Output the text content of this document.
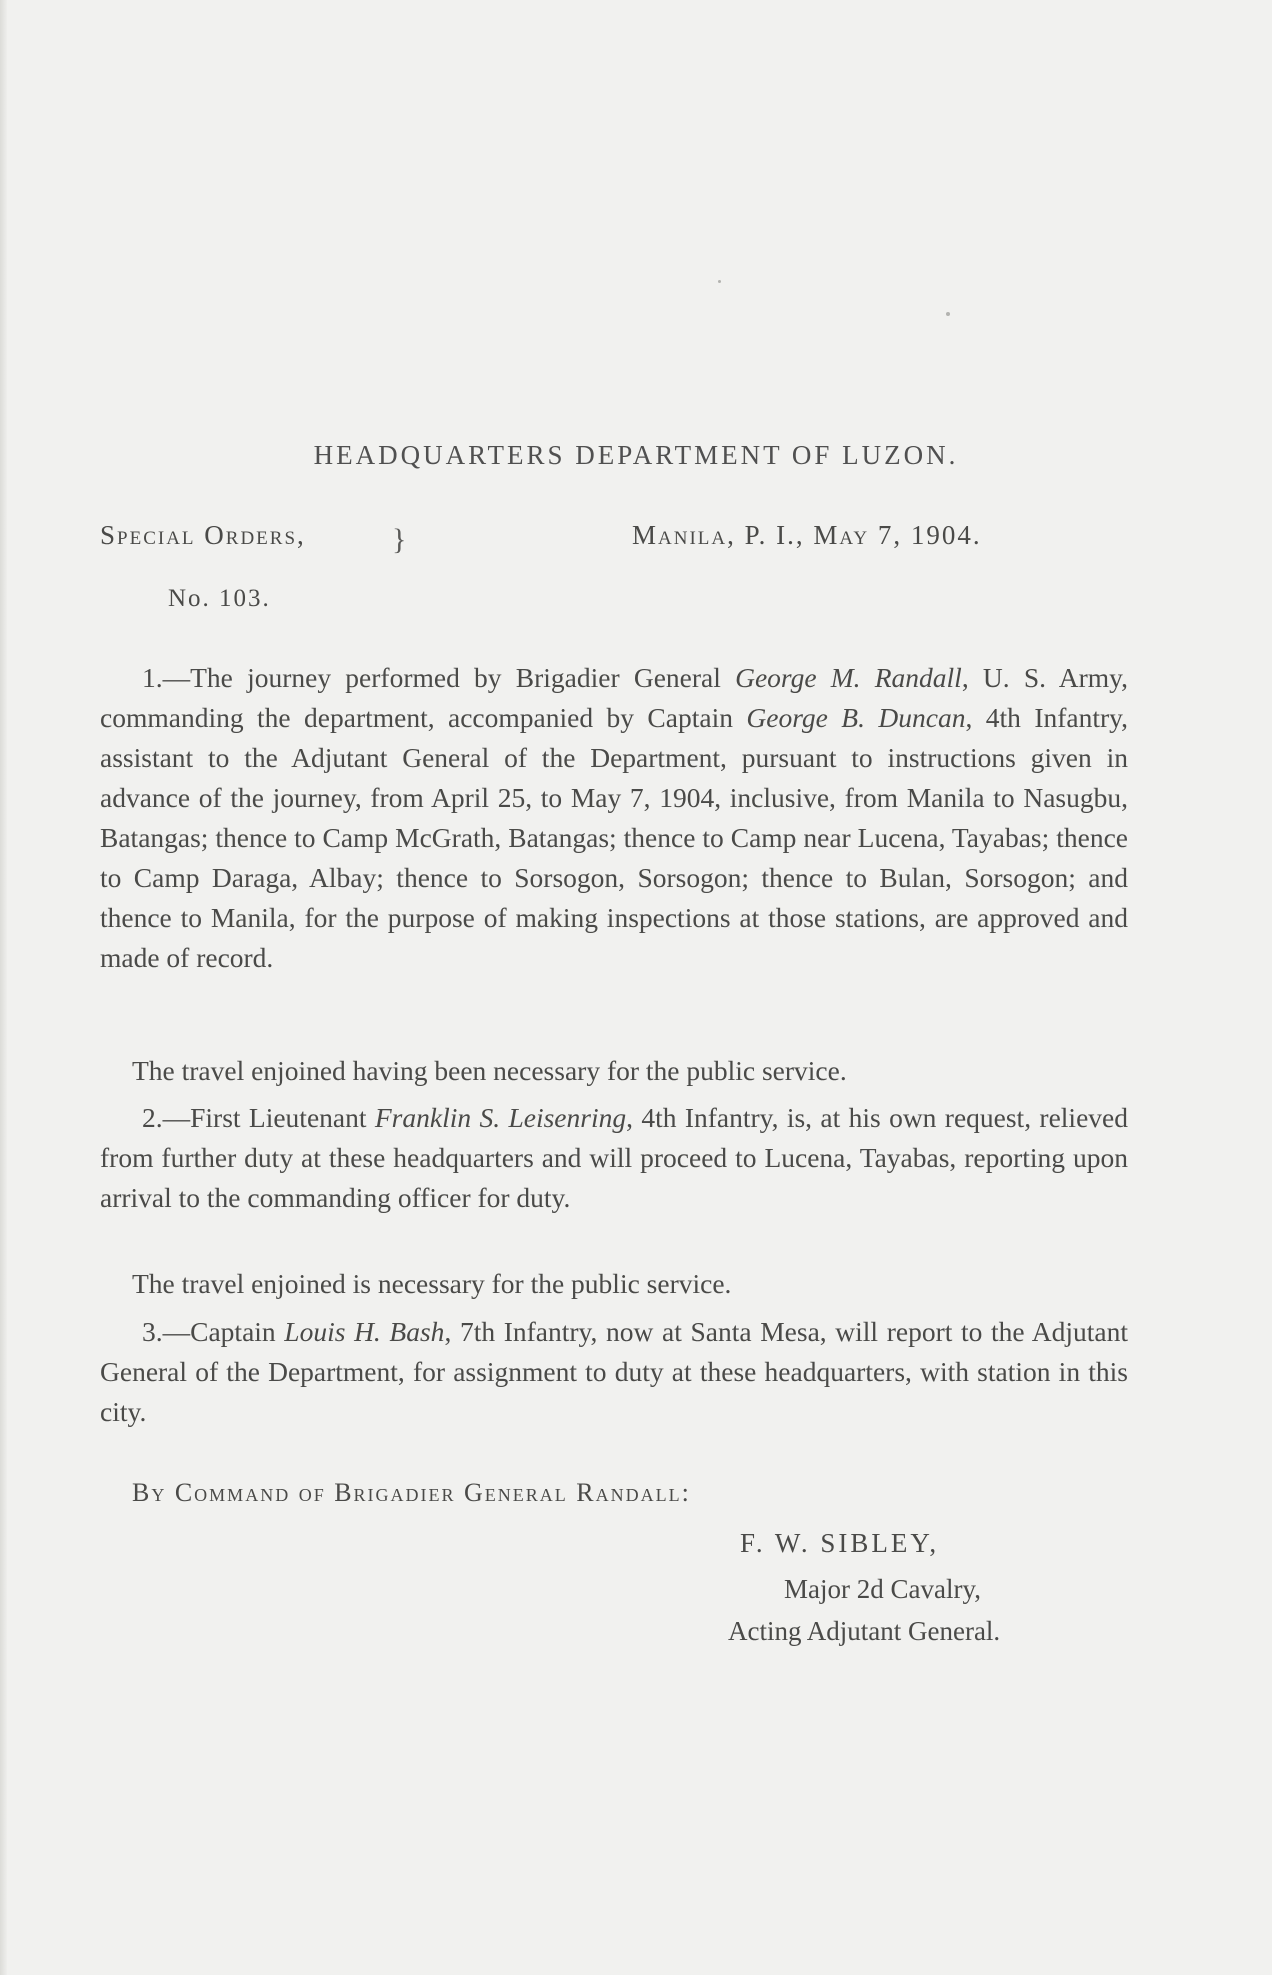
HEADQUARTERS DEPARTMENT OF LUZON.
Special Orders,	}
No. 103.
Manila, P. I., May 7, 1904.
1.—The journey performed by Brigadier General George M. Randall, U. S. Army, commanding the department, accompanied by Captain George B. Duncan, 4th Infantry, assistant to the Adjutant General of the Department, pursuant to instructions given in advance of the journey, from April 25, to May 7, 1904, inclusive, from Manila to Nasugbu, Batangas; thence to Camp McGrath, Batangas; thence to Camp near Lucena, Tayabas; thence to Camp Daraga, Albay; thence to Sorsogon, Sorsogon; thence to Bulan, Sorsogon; and thence to Manila, for the purpose of making inspections at those stations, are approved and made of record.
The travel enjoined having been necessary for the public service.
2.—First Lieutenant Franklin S. Leisenring, 4th Infantry, is, at his own request, relieved from further duty at these headquarters and will proceed to Lucena, Tayabas, reporting upon arrival to the commanding officer for duty.
The travel enjoined is necessary for the public service.
3.—Captain Louis H. Bash, 7th Infantry, now at Santa Mesa, will report to the Adjutant General of the Department, for assignment to duty at these headquarters, with station in this city.
By Command of Brigadier General Randall:
F. W. SIBLEY,
Major 2d Cavalry,
Acting Adjutant General.
